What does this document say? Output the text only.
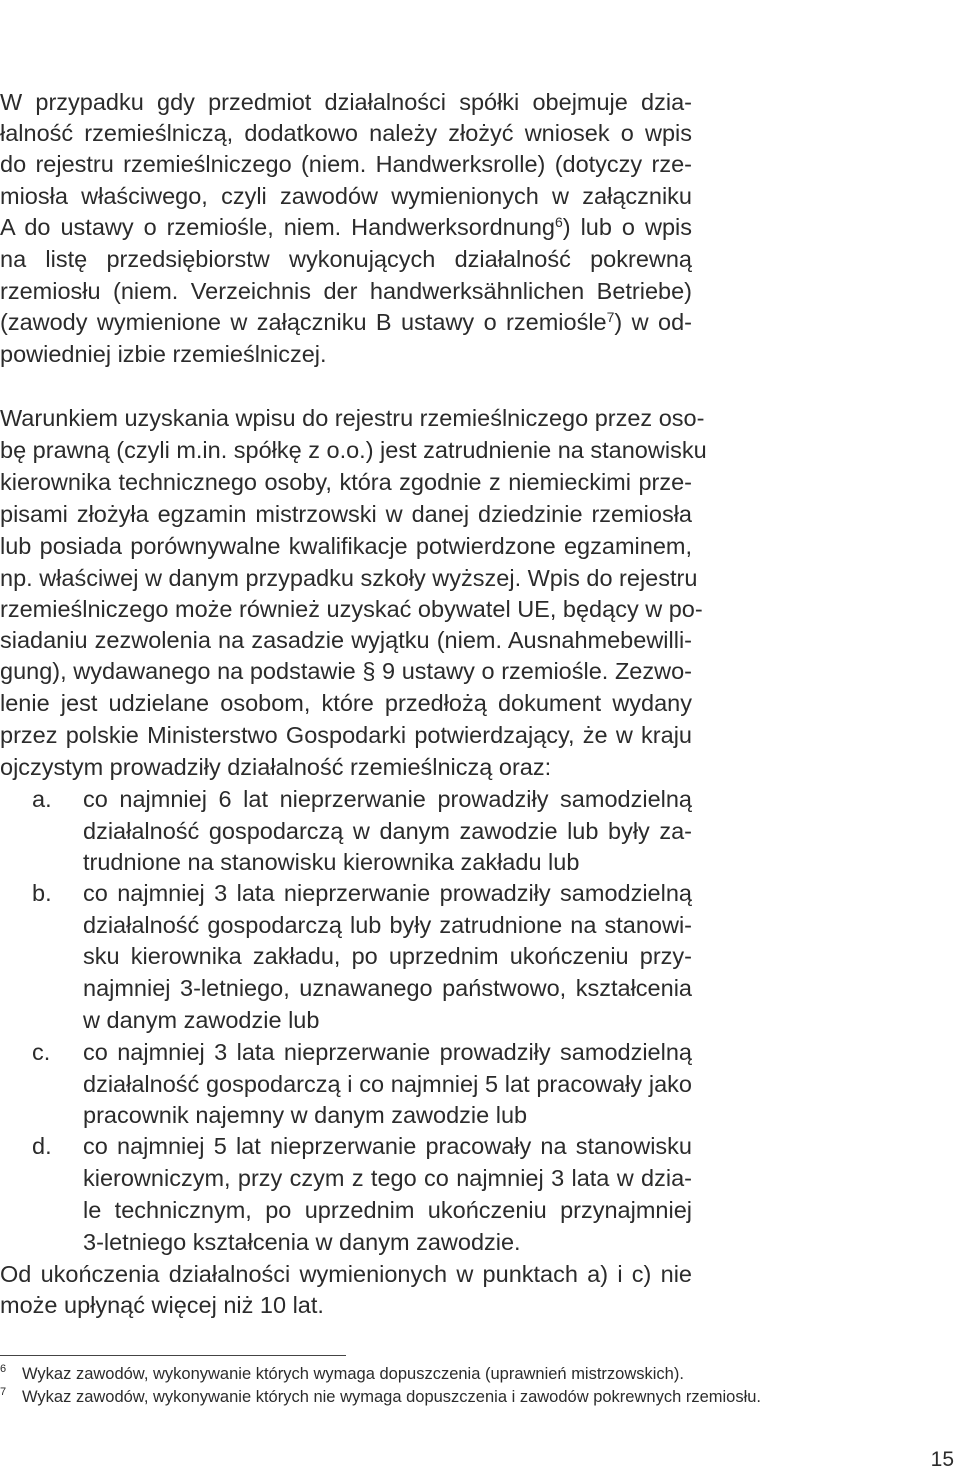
W przypadku gdy przedmiot działalności spółki obejmuje dzia-
łalność rzemieślniczą, dodatkowo należy złożyć wniosek o wpis
do rejestru rzemieślniczego (niem. Handwerksrolle) (dotyczy rze-
miosła właściwego, czyli zawodów wymienionych w załączniku
A do ustawy o rzemiośle, niem. Handwerksordnung$^6$) lub o wpis
na listę przedsiębiorstw wykonujących działalność pokrewną
rzemiosłu (niem. Verzeichnis der handwerksähnlichen Betriebe)
(zawody wymienione w załączniku B ustawy o rzemiośle$^7$) w od-
powiedniej izbie rzemieślniczej.
Warunkiem uzyskania wpisu do rejestru rzemieślniczego przez oso-
bę prawną (czyli m.in. spółkę z o.o.) jest zatrudnienie na stanowisku
kierownika technicznego osoby, która zgodnie z niemieckimi prze-
pisami złożyła egzamin mistrzowski w danej dziedzinie rzemiosła
lub posiada porównywalne kwalifikacje potwierdzone egzaminem,
np. właściwej w danym przypadku szkoły wyższej. Wpis do rejestru
rzemieślniczego może również uzyskać obywatel UE, będący w po-
siadaniu zezwolenia na zasadzie wyjątku (niem. Ausnahmebewilli-
gung), wydawanego na podstawie § 9 ustawy o rzemiośle. Zezwo-
lenie jest udzielane osobom, które przedłożą dokument wydany
przez polskie Ministerstwo Gospodarki potwierdzający, że w kraju
ojczystym prowadziły działalność rzemieślniczą oraz:
a.	co najmniej 6 lat nieprzerwanie prowadziły samodzielną
działalność gospodarczą w danym zawodzie lub były za-
trudnione na stanowisku kierownika zakładu lub
b.	co najmniej 3 lata nieprzerwanie prowadziły samodzielną
działalność gospodarczą lub były zatrudnione na stanowi-
sku kierownika zakładu, po uprzednim ukończeniu przy-
najmniej 3-letniego, uznawanego państwowo, kształcenia
w danym zawodzie lub
c.	co najmniej 3 lata nieprzerwanie prowadziły samodzielną
działalność gospodarczą i co najmniej 5 lat pracowały jako
pracownik najemny w danym zawodzie lub
d.	co najmniej 5 lat nieprzerwanie pracowały na stanowisku
kierowniczym, przy czym z tego co najmniej 3 lata w dzia-
le technicznym, po uprzednim ukończeniu przynajmniej
3-letniego kształcenia w danym zawodzie.
Od ukończenia działalności wymienionych w punktach a) i c) nie
może upłynąć więcej niż 10 lat.
6 Wykaz zawodów, wykonywanie których wymaga dopuszczenia (uprawnień mistrzowskich).
7 Wykaz zawodów, wykonywanie których nie wymaga dopuszczenia i zawodów pokrewnych rzemiosłu.
15
